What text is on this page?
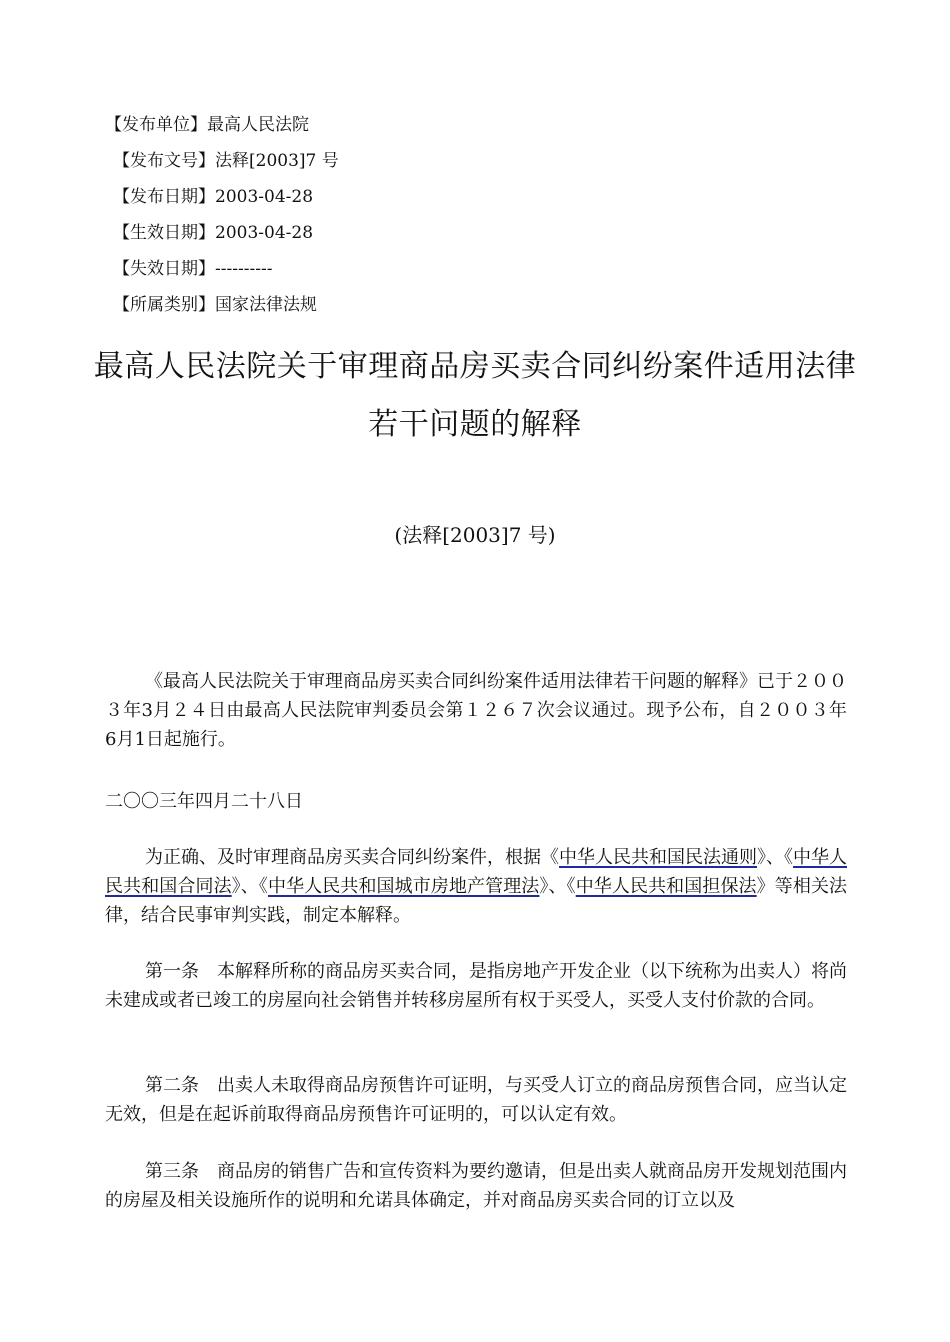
【发布单位】最高人民法院
【发布文号】法释[2003]7 号
【发布日期】2003-04-28
【生效日期】2003-04-28
【失效日期】----------
【所属类别】国家法律法规
最高人民法院关于审理商品房买卖合同纠纷案件适用法律
若干问题的解释
(法释[2003]7 号)
《最高人民法院关于审理商品房买卖合同纠纷案件适用法律若干问题的解释》已于２００３年3月２４日由最高人民法院审判委员会第１２６７次会议通过。现予公布，自２００３年6月1日起施行。
二〇〇三年四月二十八日
为正确、及时审理商品房买卖合同纠纷案件，根据《中华人民共和国民法通则》、《中华人民共和国合同法》、《中华人民共和国城市房地产管理法》、《中华人民共和国担保法》等相关法律，结合民事审判实践，制定本解释。
第一条　 本解释所称的商品房买卖合同，是指房地产开发企业（以下统称为出卖人）将尚未建成或者已竣工的房屋向社会销售并转移房屋所有权于买受人，买受人支付价款的合同。
第二条　 出卖人未取得商品房预售许可证明，与买受人订立的商品房预售合同，应当认定无效，但是在起诉前取得商品房预售许可证明的，可以认定有效。
第三条　 商品房的销售广告和宣传资料为要约邀请，但是出卖人就商品房开发规划范围内的房屋及相关设施所作的说明和允诺具体确定，并对商品房买卖合同的订立以及
